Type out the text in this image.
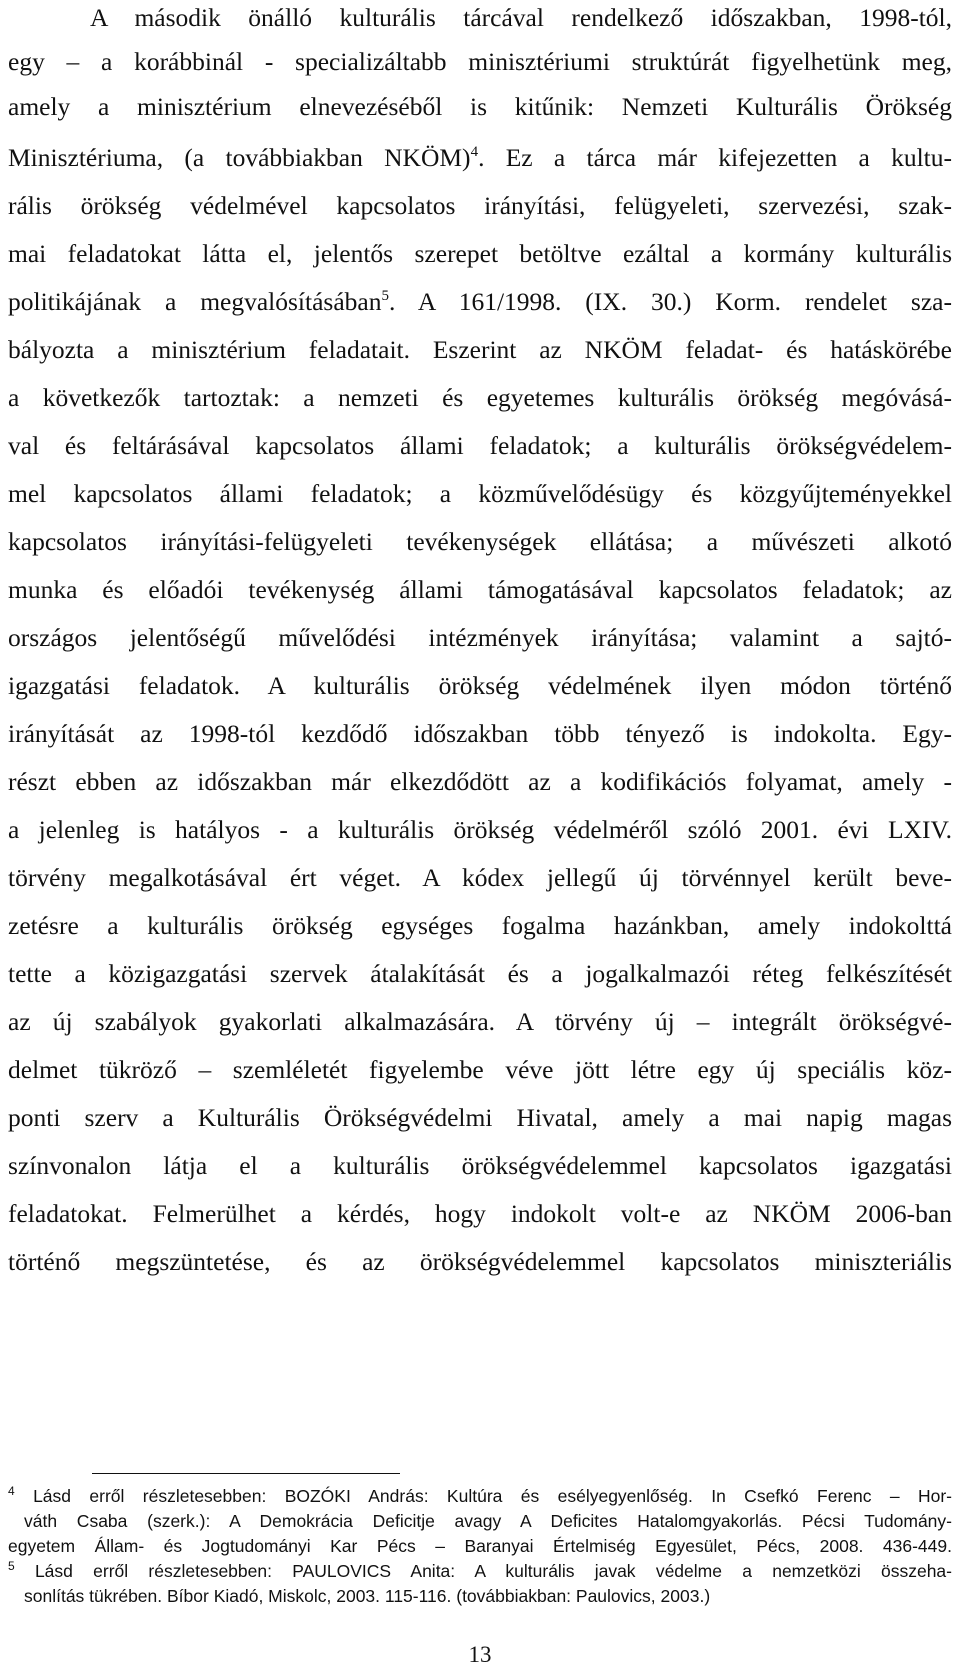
A második önálló kulturális tárcával rendelkező időszakban, 1998-tól,
egy – a korábbinál - specializáltabb minisztériumi struktúrát figyelhetünk meg,
amely a minisztérium elnevezéséből is kitűnik: Nemzeti Kulturális Örökség
Minisztériuma, (a továbbiakban NKÖM)$^4$. Ez a tárca már kifejezetten a kultu-
rális örökség védelmével kapcsolatos irányítási, felügyeleti, szervezési, szak-
mai feladatokat látta el, jelentős szerepet betöltve ezáltal a kormány kulturális
politikájának a megvalósításában$^5$. A 161/1998. (IX. 30.) Korm. rendelet sza-
bályozta a minisztérium feladatait. Eszerint az NKÖM feladat- és hatáskörébe
a következők tartoztak: a nemzeti és egyetemes kulturális örökség megóvásá-
val és feltárásával kapcsolatos állami feladatok; a kulturális örökségvédelem-
mel kapcsolatos állami feladatok; a közművelődésügy és közgyűjteményekkel
kapcsolatos irányítási-felügyeleti tevékenységek ellátása; a művészeti alkotó
munka és előadói tevékenység állami támogatásával kapcsolatos feladatok; az
országos jelentőségű művelődési intézmények irányítása; valamint a sajtó-
igazgatási feladatok. A kulturális örökség védelmének ilyen módon történő
irányítását az 1998-tól kezdődő időszakban több tényező is indokolta. Egy-
részt ebben az időszakban már elkezdődött az a kodifikációs folyamat, amely -
a jelenleg is hatályos - a kulturális örökség védelméről szóló 2001. évi LXIV.
törvény megalkotásával ért véget. A kódex jellegű új törvénnyel került beve-
zetésre a kulturális örökség egységes fogalma hazánkban, amely indokolttá
tette a közigazgatási szervek átalakítását és a jogalkalmazói réteg felkészítését
az új szabályok gyakorlati alkalmazására. A törvény új – integrált örökségvé-
delmet tükröző – szemléletét figyelembe véve jött létre egy új speciális köz-
ponti szerv a Kulturális Örökségvédelmi Hivatal, amely a mai napig magas
színvonalon látja el a kulturális örökségvédelemmel kapcsolatos igazgatási
feladatokat. Felmerülhet a kérdés, hogy indokolt volt-e az NKÖM 2006-ban
történő megszüntetése, és az örökségvédelemmel kapcsolatos miniszteriális
$^4$ Lásd erről részletesebben: BOZÓKI András: Kultúra és esélyegyenlőség. In Csefkó Ferenc – Hor-
váth Csaba (szerk.): A Demokrácia Deficitje avagy A Deficites Hatalomgyakorlás. Pécsi Tudomány-
egyetem Állam- és Jogtudományi Kar Pécs – Baranyai Értelmiség Egyesület, Pécs, 2008. 436-449.
$^5$ Lásd erről részletesebben: PAULOVICS Anita: A kulturális javak védelme a nemzetközi összeha-
sonlítás tükrében. Bíbor Kiadó, Miskolc, 2003. 115-116. (továbbiakban: Paulovics, 2003.)
13
